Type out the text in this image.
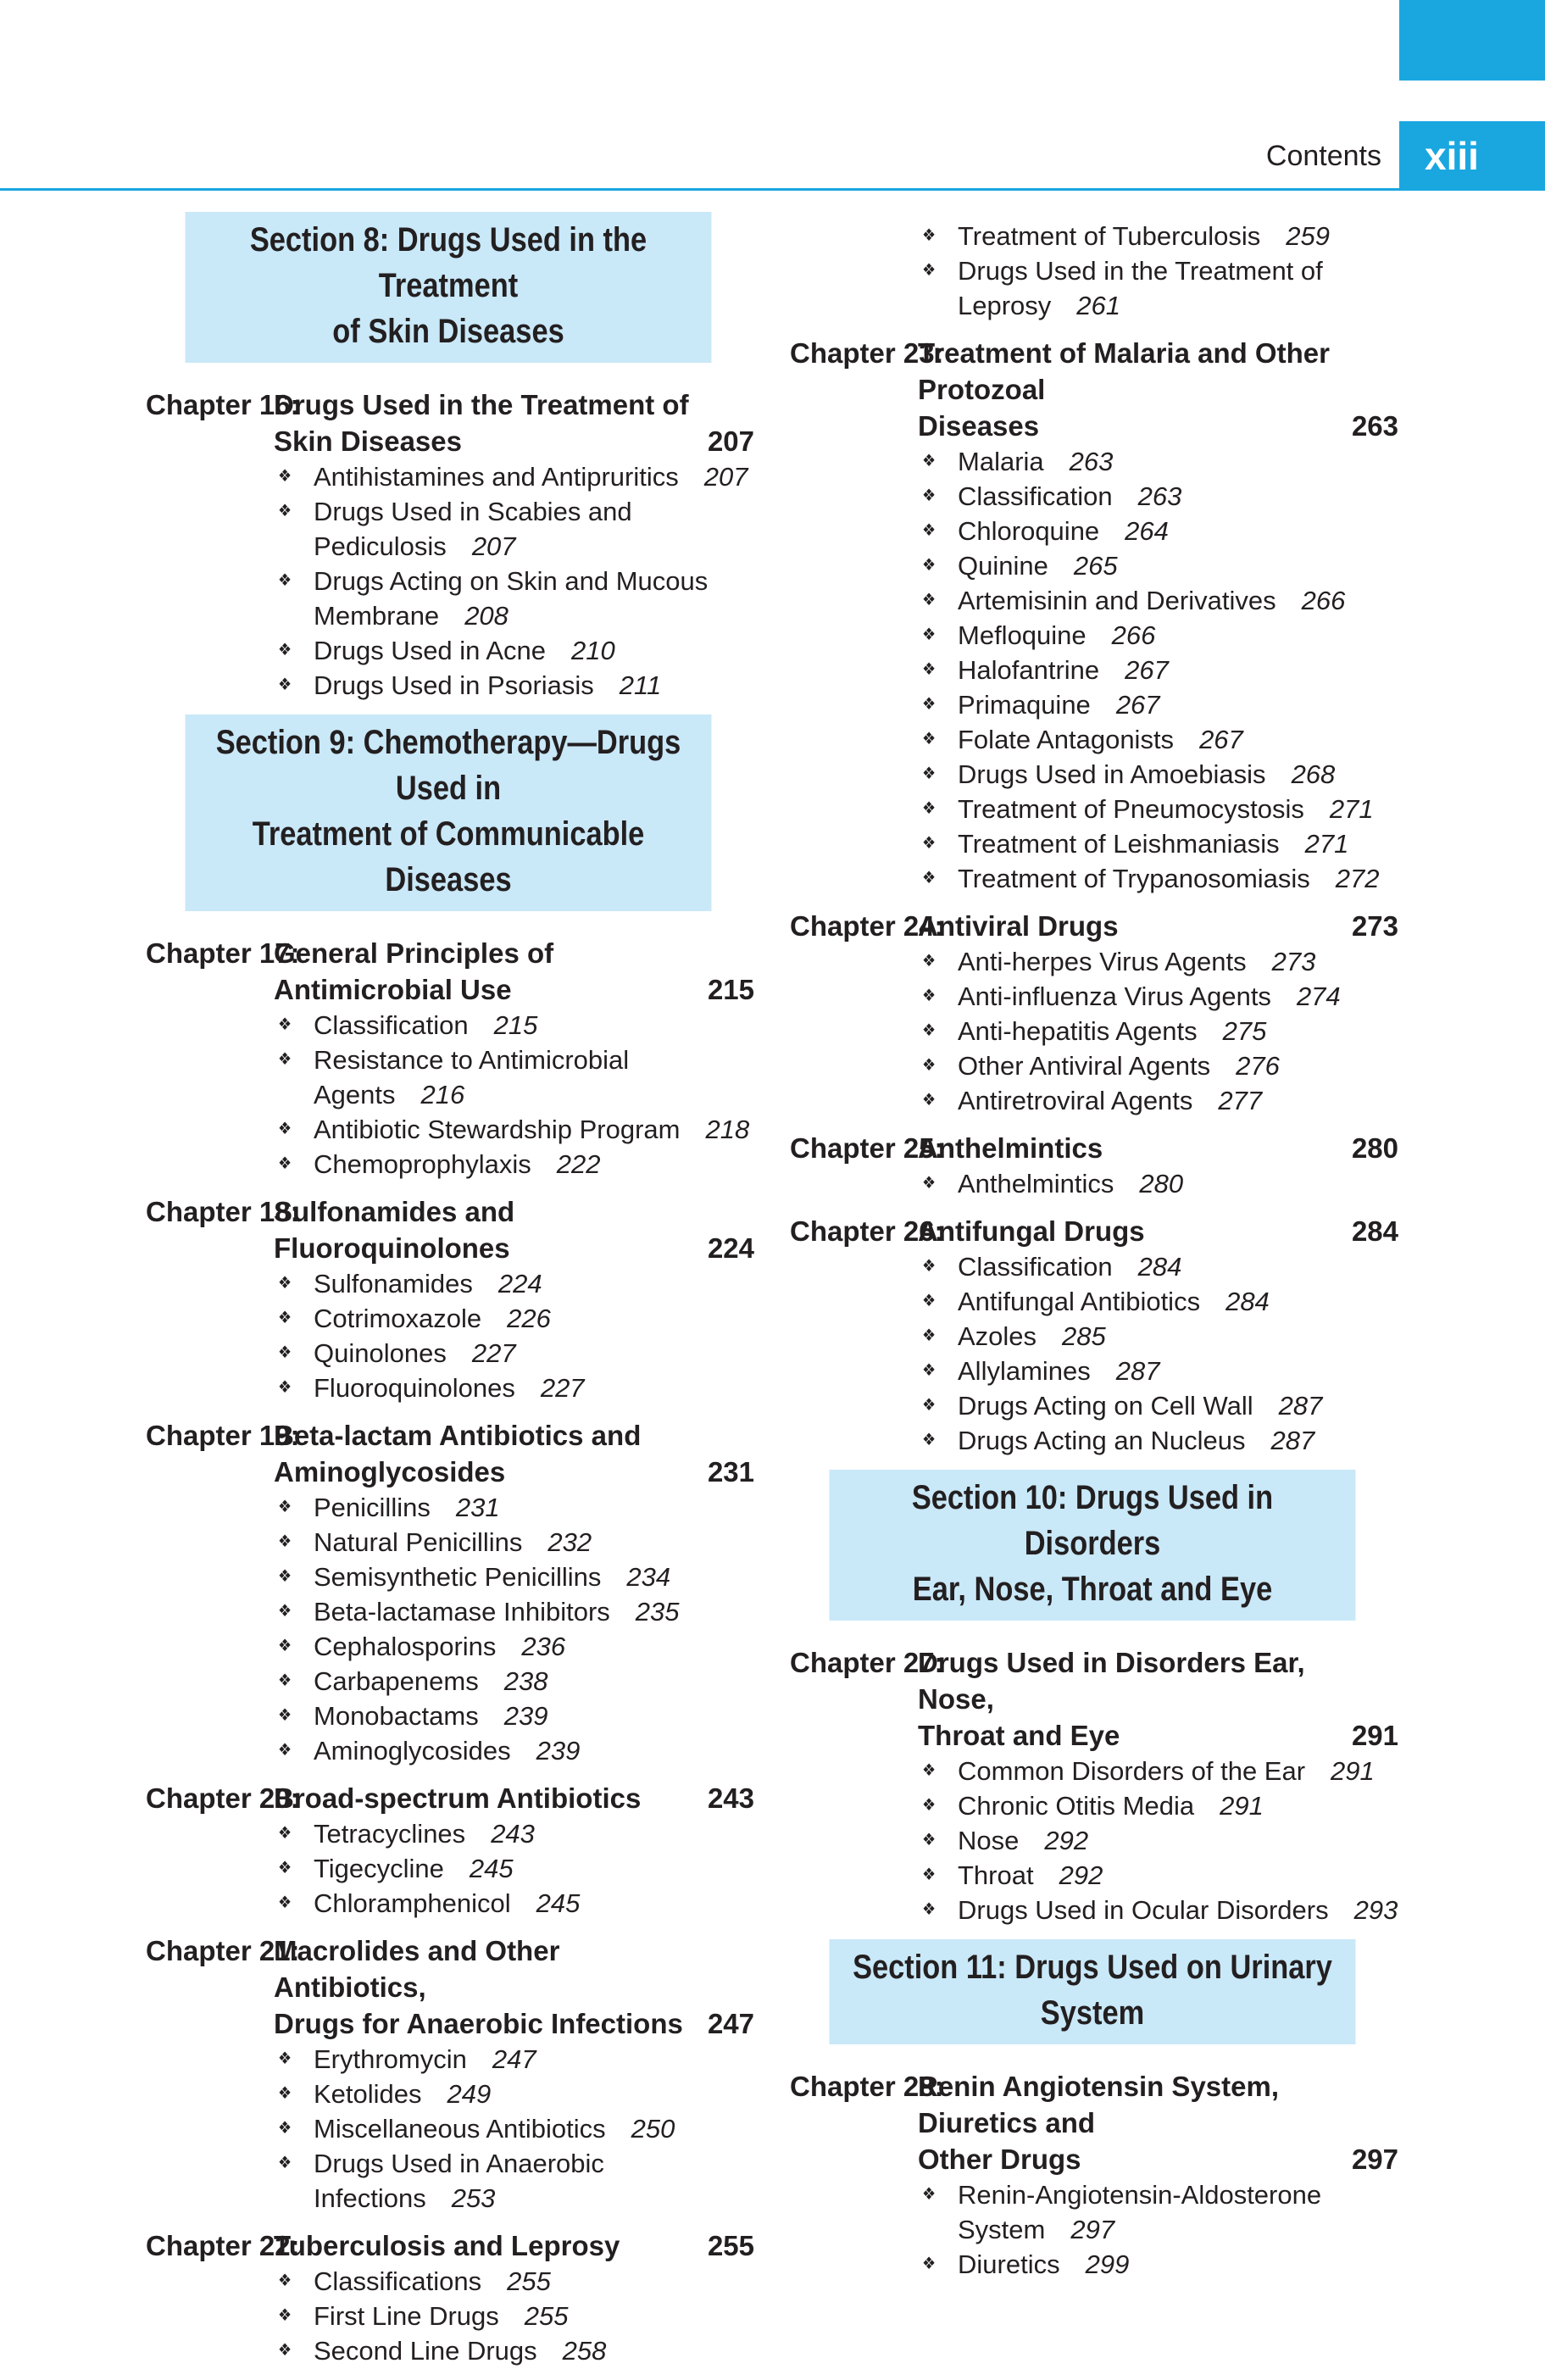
Contents	xiii
Section 8: Drugs Used in the Treatment
of Skin Diseases
Chapter 16:
Drugs Used in the Treatment of
Skin Diseases	207
❖ Antihistamines and Antipruritics 207
❖ Drugs Used in Scabies and Pediculosis 207
❖ Drugs Acting on Skin and Mucous Membrane 208
❖ Drugs Used in Acne 210
❖ Drugs Used in Psoriasis 211
Section 9: Chemotherapy—Drugs Used in
Treatment of Communicable Diseases
Chapter 17:
General Principles of Antimicrobial Use	215
❖ Classification 215
❖ Resistance to Antimicrobial Agents 216
❖ Antibiotic Stewardship Program 218
❖ Chemoprophylaxis 222
Chapter 18:
Sulfonamides and Fluoroquinolones	224
❖ Sulfonamides 224
❖ Cotrimoxazole 226
❖ Quinolones 227
❖ Fluoroquinolones 227
Chapter 19:
Beta-lactam Antibiotics and
Aminoglycosides	231
❖ Penicillins 231
❖ Natural Penicillins 232
❖ Semisynthetic Penicillins 234
❖ Beta-lactamase Inhibitors 235
❖ Cephalosporins 236
❖ Carbapenems 238
❖ Monobactams 239
❖ Aminoglycosides 239
Chapter 20:
Broad-spectrum Antibiotics	243
❖ Tetracyclines 243
❖ Tigecycline 245
❖ Chloramphenicol 245
Chapter 21:
Macrolides and Other Antibiotics,
Drugs for Anaerobic Infections 247
❖ Erythromycin 247
❖ Ketolides 249
❖ Miscellaneous Antibiotics 250
❖ Drugs Used in Anaerobic Infections 253
Chapter 22:
Tuberculosis and Leprosy	255
❖ Classifications 255
❖ First Line Drugs 255
❖ Second Line Drugs 258
❖ Treatment of Tuberculosis 259
❖ Drugs Used in the Treatment of Leprosy 261
Chapter 23:
Treatment of Malaria and Other Protozoal
Diseases	263
❖ Malaria 263
❖ Classification 263
❖ Chloroquine 264
❖ Quinine 265
❖ Artemisinin and Derivatives 266
❖ Mefloquine 266
❖ Halofantrine 267
❖ Primaquine 267
❖ Folate Antagonists 267
❖ Drugs Used in Amoebiasis 268
❖ Treatment of Pneumocystosis 271
❖ Treatment of Leishmaniasis 271
❖ Treatment of Trypanosomiasis 272
Chapter 24:
Antiviral Drugs	273
❖ Anti-herpes Virus Agents 273
❖ Anti-influenza Virus Agents 274
❖ Anti-hepatitis Agents 275
❖ Other Antiviral Agents 276
❖ Antiretroviral Agents 277
Chapter 25:
Anthelmintics	280
❖ Anthelmintics 280
Chapter 26:
Antifungal Drugs	284
❖ Classification 284
❖ Antifungal Antibiotics 284
❖ Azoles 285
❖ Allylamines 287
❖ Drugs Acting on Cell Wall 287
❖ Drugs Acting an Nucleus 287
Section 10: Drugs Used in Disorders
Ear, Nose, Throat and Eye
Chapter 27:
Drugs Used in Disorders Ear, Nose,
Throat and Eye	291
❖ Common Disorders of the Ear 291
❖ Chronic Otitis Media 291
❖ Nose 292
❖ Throat 292
❖ Drugs Used in Ocular Disorders 293
Section 11: Drugs Used on Urinary System
Chapter 28:
Renin Angiotensin System, Diuretics and
Other Drugs	297
❖ Renin-Angiotensin-Aldosterone System 297
❖ Diuretics 299
